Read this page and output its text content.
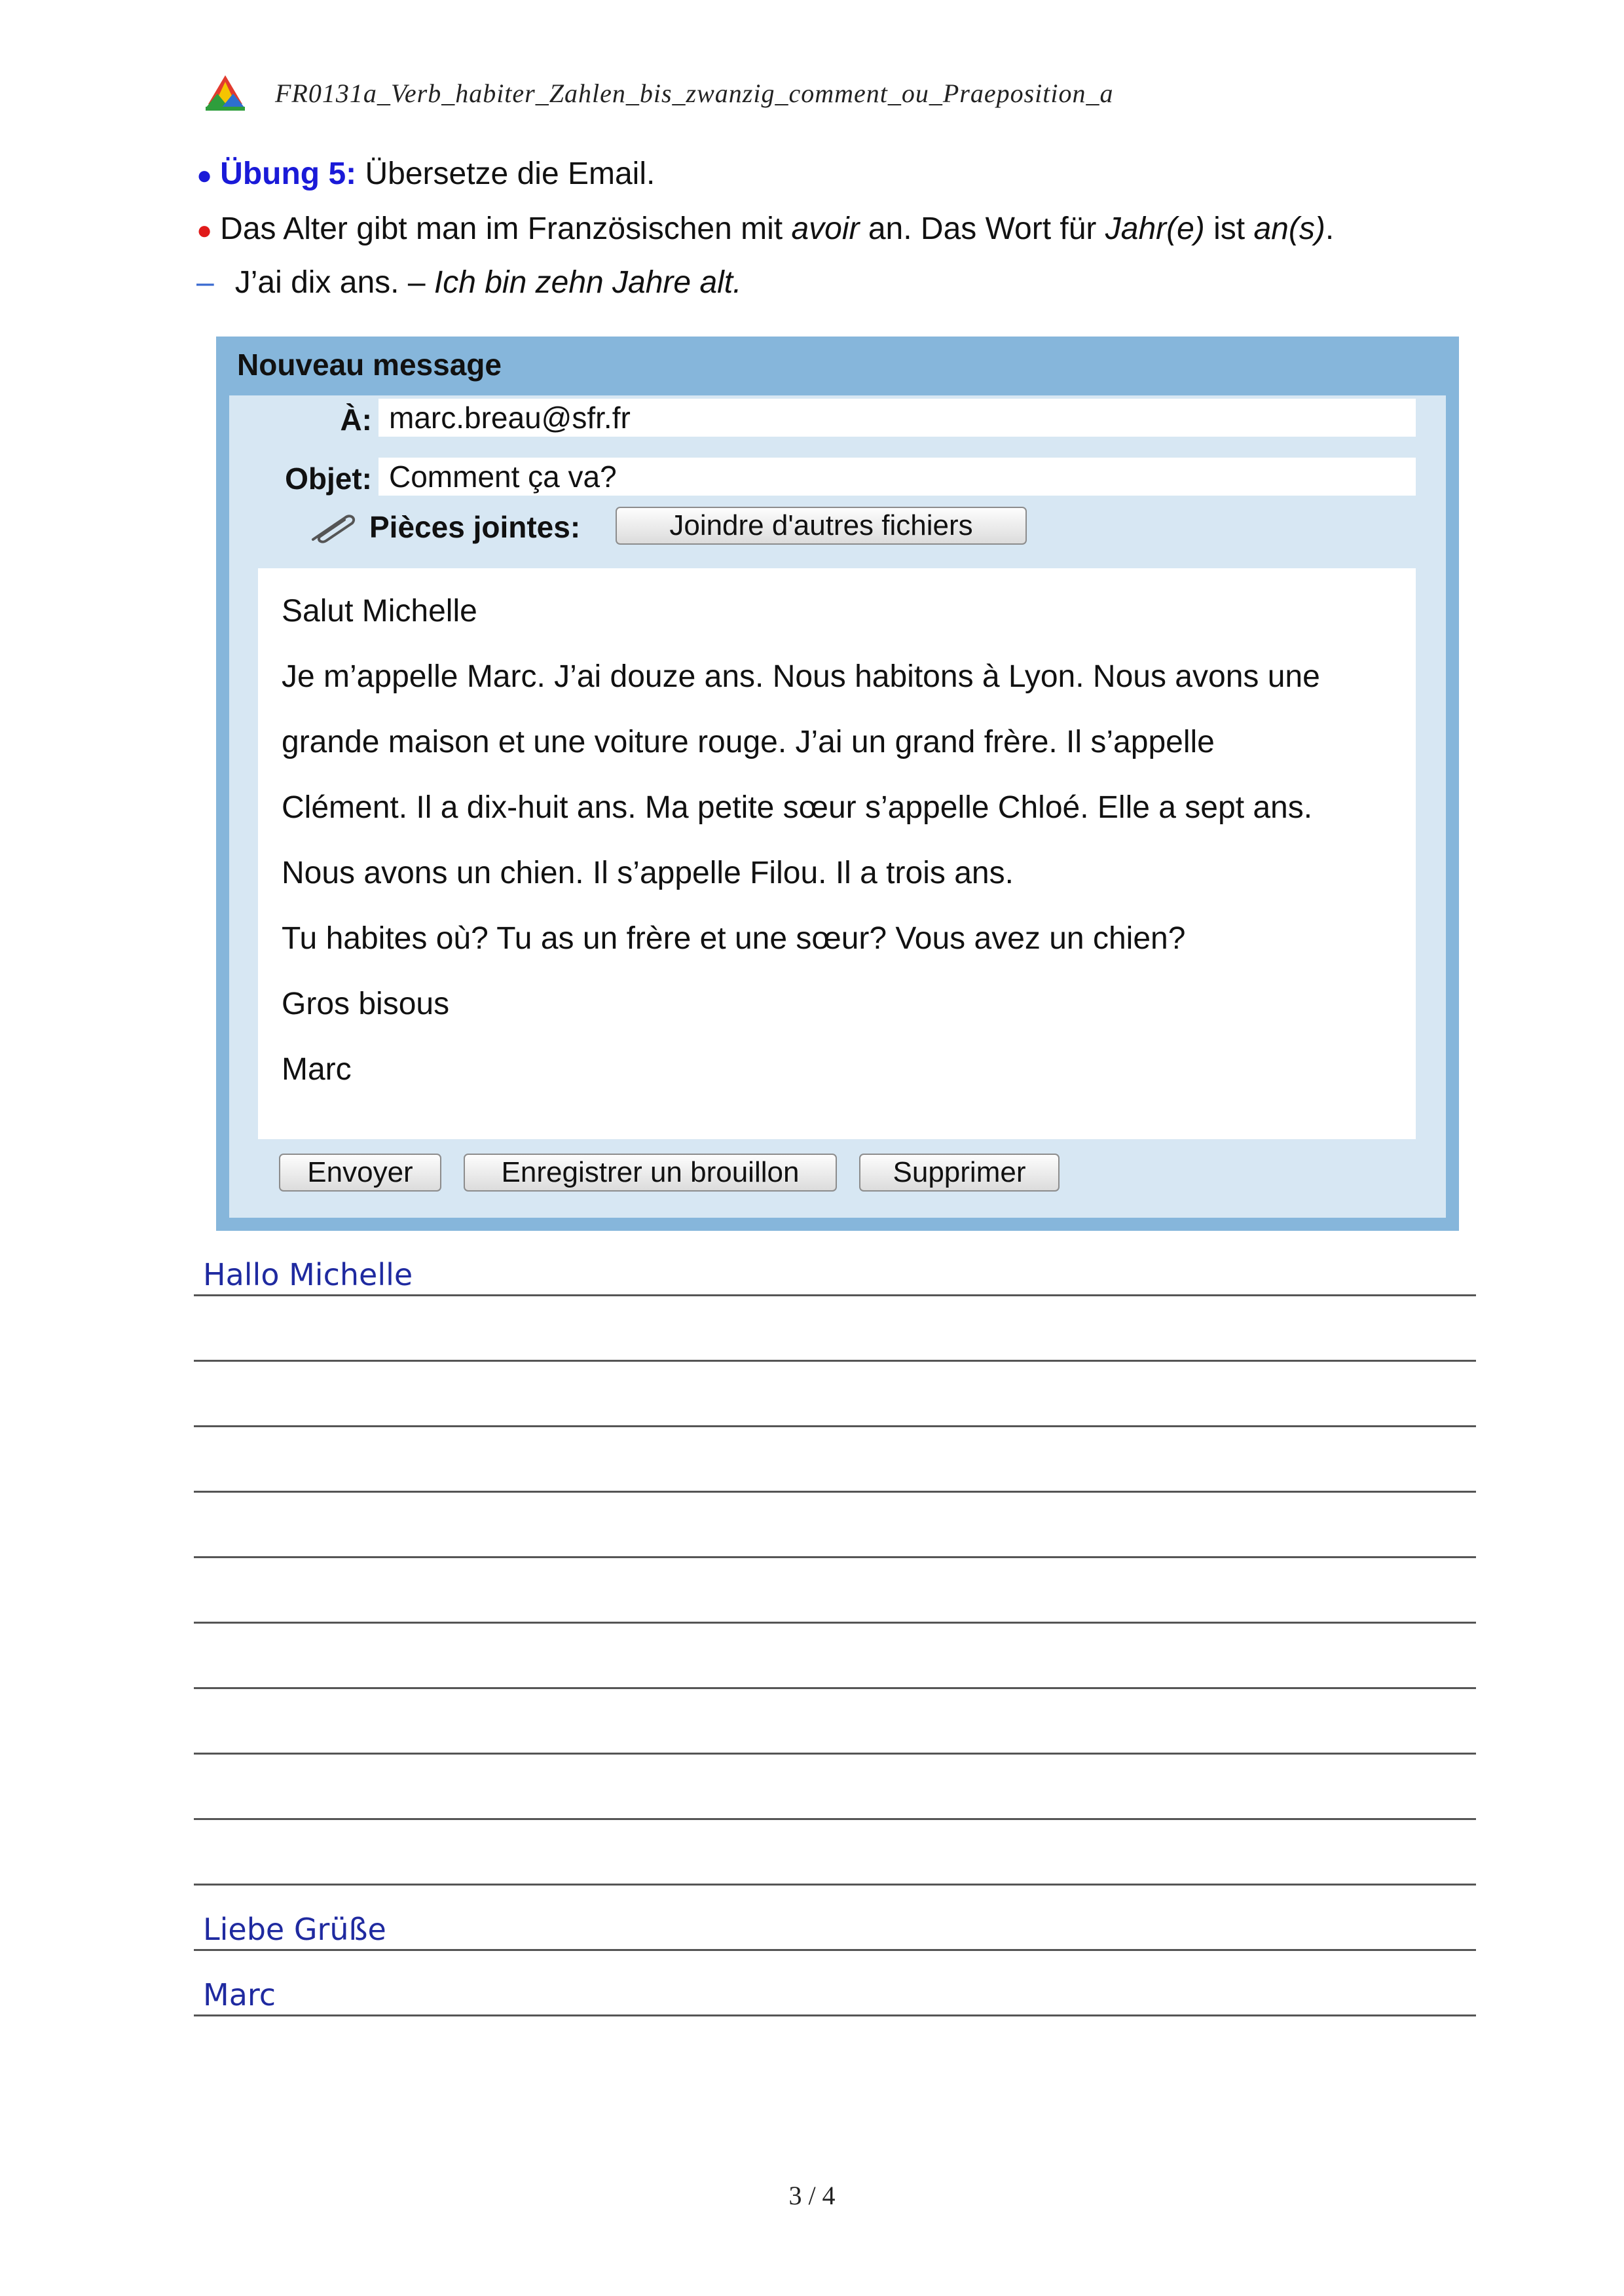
FR0131a_Verb_habiter_Zahlen_bis_zwanzig_comment_ou_Praeposition_a
● Übung 5: Übersetze die Email.
● Das Alter gibt man im Französischen mit avoir an. Das Wort für Jahr(e) ist an(s) .
– J’ai dix ans. – Ich bin zehn Jahre alt.
Nouveau message
À: marc.breau@sfr.fr
Objet: Comment ça va?
Pièces jointes:	Joindre d'autres fichiers
Salut Michelle
Je m’appelle Marc. J’ai douze ans. Nous habitons à Lyon. Nous avons une
grande maison et une voiture rouge. J’ai un grand frère. Il s’appelle
Clément. Il a dix-huit ans. Ma petite sœur s’appelle Chloé. Elle a sept ans.
Nous avons un chien. Il s’appelle Filou. Il a trois ans.
Tu habites où? Tu as un frère et une sœur? Vous avez un chien?
Gros bisous
Marc
Envoyer	Enregistrer un brouillon	Supprimer
Hallo Michelle
Liebe Grüße
Marc
3 / 4
